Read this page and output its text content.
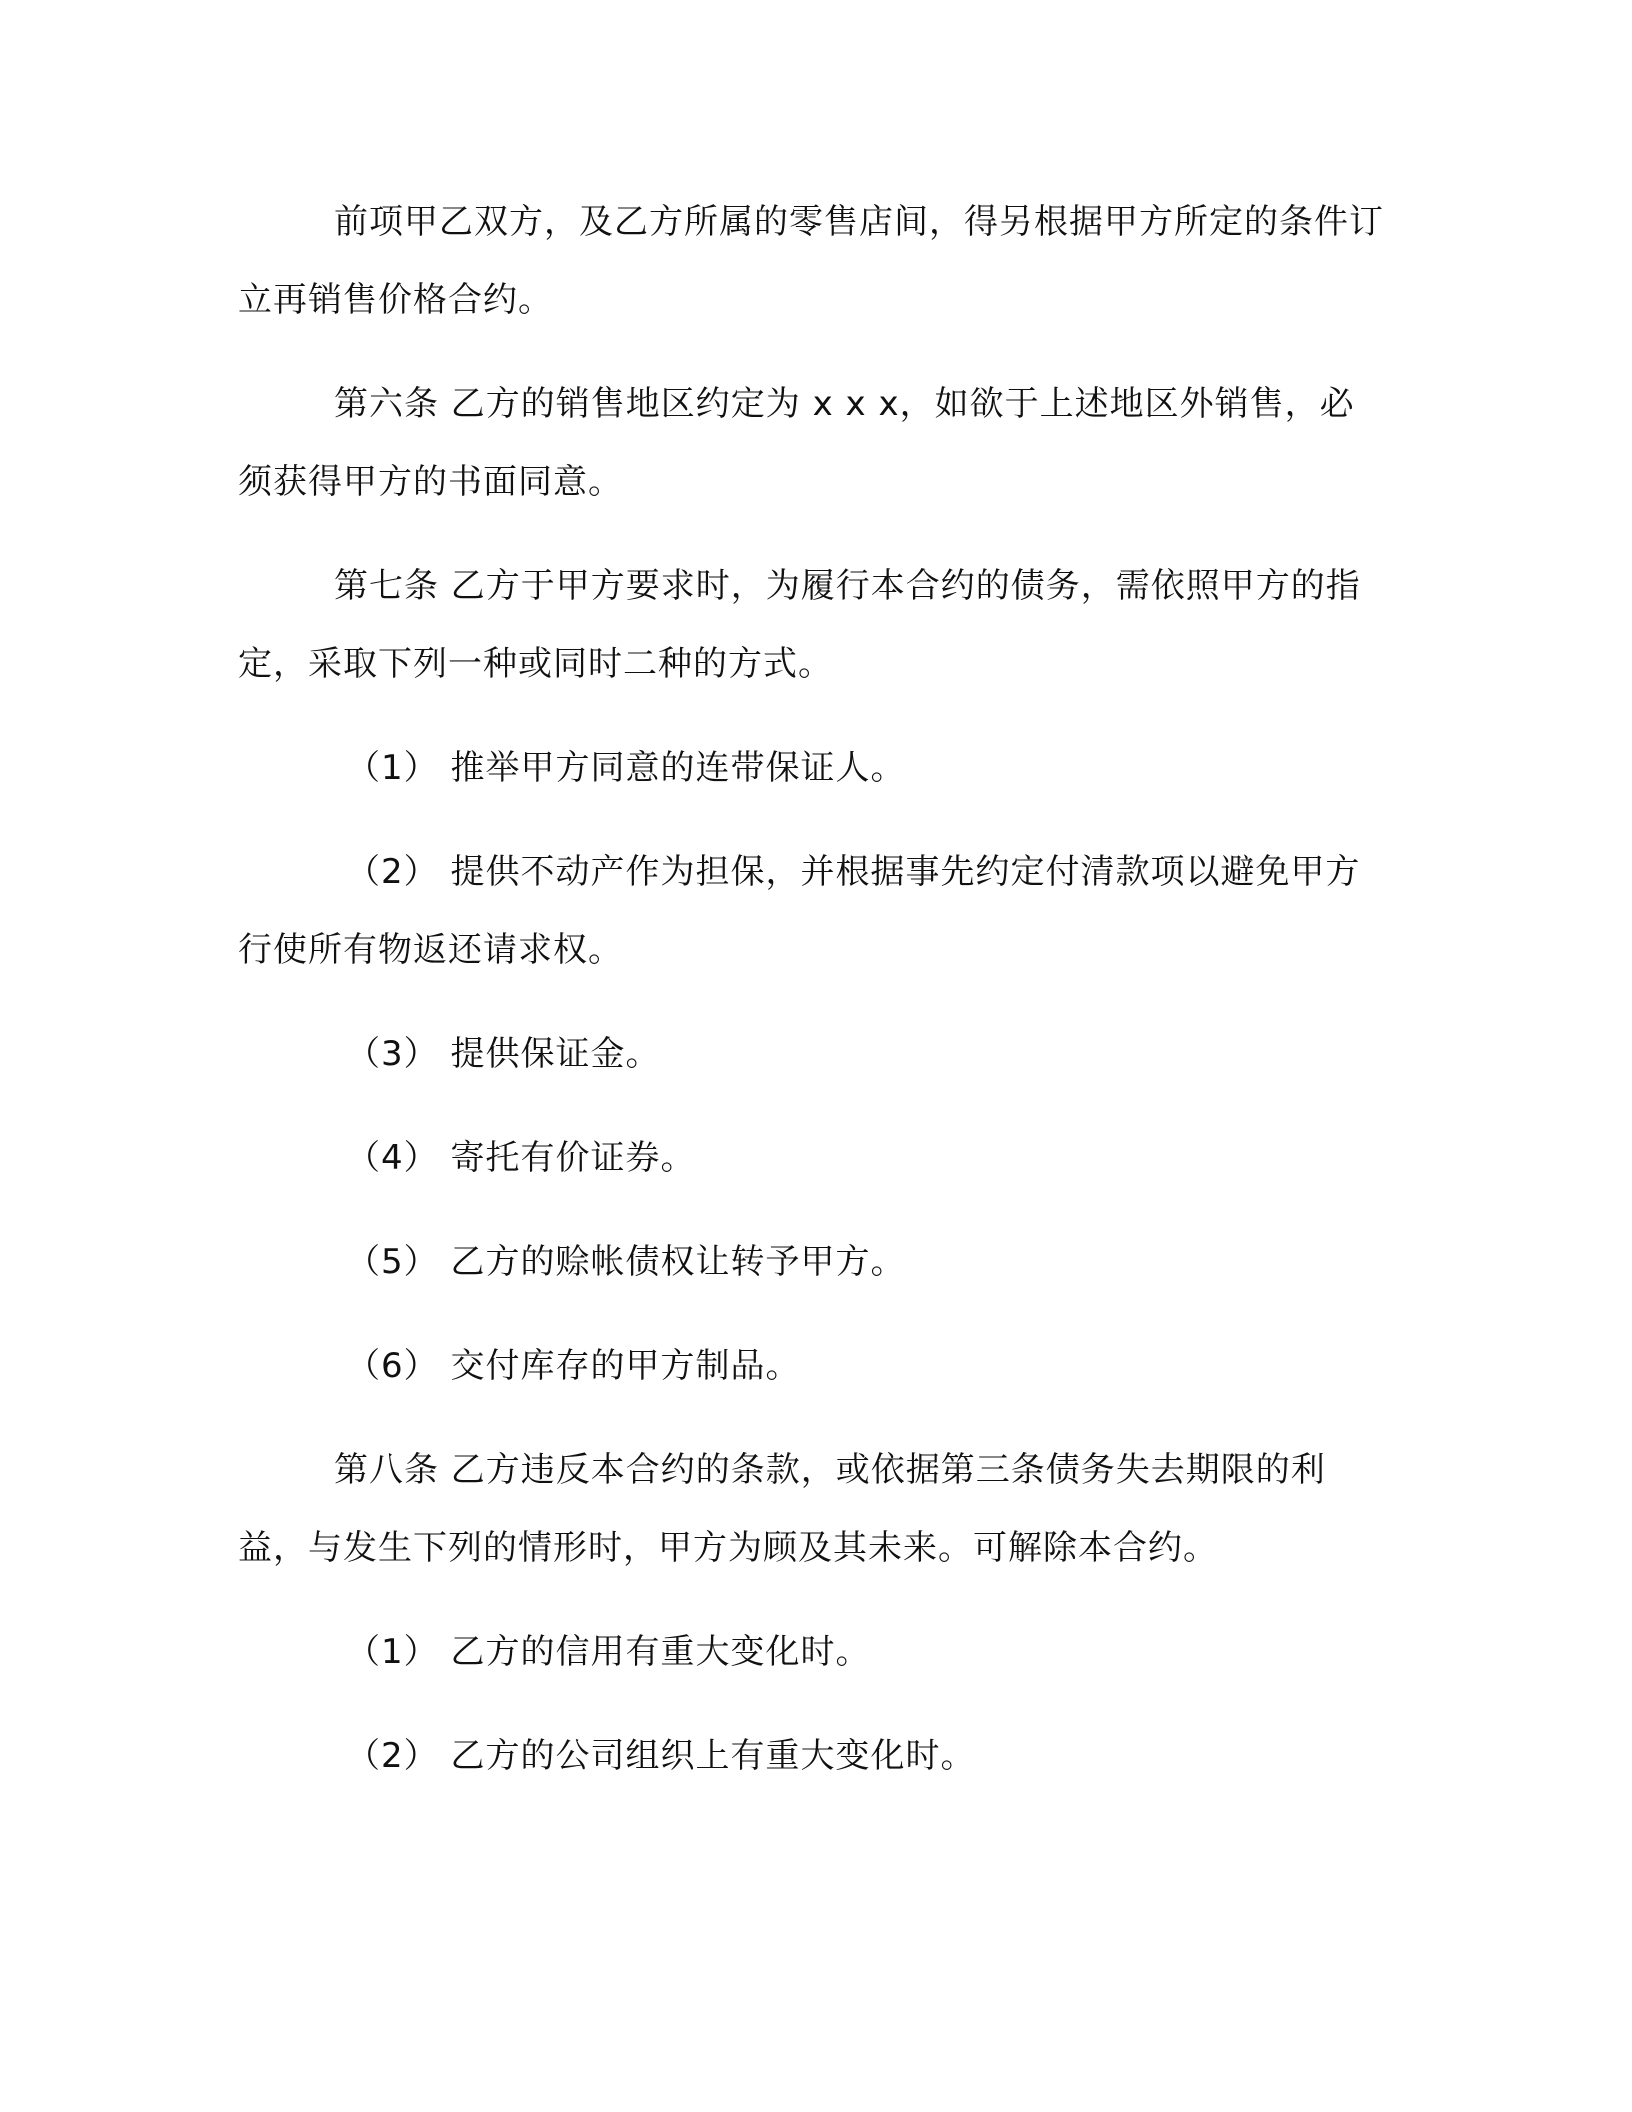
前项甲乙双方，及乙方所属的零售店间，得另根据甲方所定的条件订立再销售价格合约。

第六条 乙方的销售地区约定为 x x x，如欲于上述地区外销售，必须获得甲方的书面同意。

第七条 乙方于甲方要求时，为履行本合约的债务，需依照甲方的指定，采取下列一种或同时二种的方式。

（1） 推举甲方同意的连带保证人。

（2） 提供不动产作为担保，并根据事先约定付清款项以避免甲方行使所有物返还请求权。

（3） 提供保证金。

（4） 寄托有价证券。

（5） 乙方的赊帐债权让转予甲方。

（6） 交付库存的甲方制品。

第八条 乙方违反本合约的条款，或依据第三条债务失去期限的利益，与发生下列的情形时，甲方为顾及其未来。可解除本合约。

（1） 乙方的信用有重大变化时。

（2） 乙方的公司组织上有重大变化时。
